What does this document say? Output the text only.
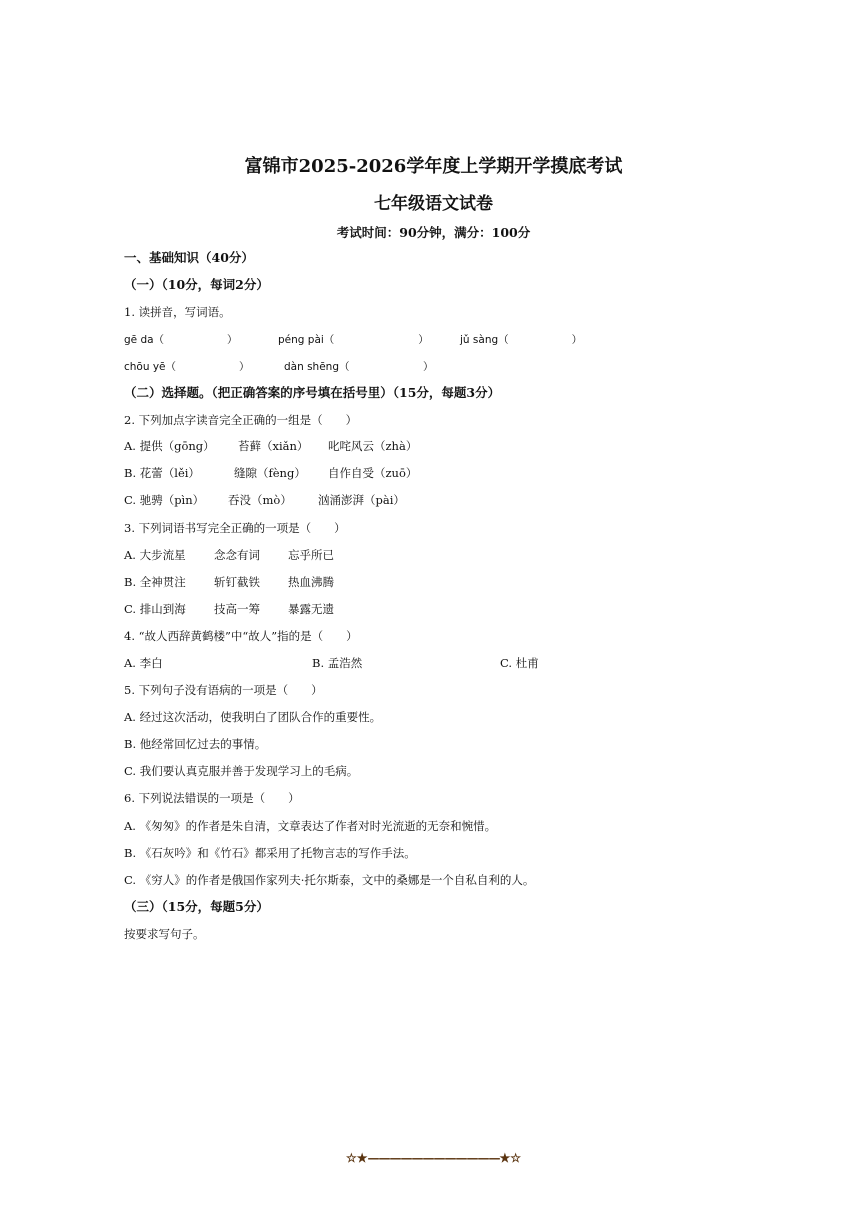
富锦市2025-2026学年度上学期开学摸底考试
七年级语文试卷
考试时间：90分钟，满分：100分
一、基础知识（40分）
（一）（10分，每词2分）
1. 读拼音，写词语。
gē da（　　　　　　）	péng pài（　　　　　　　　）	jǔ sàng（　　　　　　）
chōu yē（　　　　　　）	dàn shēng（　　　　　　　）
（二）选择题。（把正确答案的序号填在括号里）（15分，每题3分）
2. 下列加点字读音完全正确的一组是（　　）
A. 提供（gōng） 苔藓（xiǎn） 叱咤风云（zhà）
B. 花蕾（lěi）	缝隙（fèng） 自作自受（zuō）
C. 驰骋（pìn） 吞没（mò） 汹涌澎湃（pài）
3. 下列词语书写完全正确的一项是（　　）
A. 大步流星 念念有词 忘乎所已
B. 全神贯注 斩钉截铁 热血沸腾
C. 排山到海 技高一筹 暴露无遗
4. “故人西辞黄鹤楼”中“故人”指的是（　　）
A. 李白	B. 孟浩然	C. 杜甫
5. 下列句子没有语病的一项是（　　）
A. 经过这次活动，使我明白了团队合作的重要性。
B. 他经常回忆过去的事情。
C. 我们要认真克服并善于发现学习上的毛病。
6. 下列说法错误的一项是（　　）
A. 《匆匆》的作者是朱自清，文章表达了作者对时光流逝的无奈和惋惜。
B. 《石灰吟》和《竹石》都采用了托物言志的写作手法。
C. 《穷人》的作者是俄国作家列夫·托尔斯泰，文中的桑娜是一个自私自利的人。
（三）（15分，每题5分）
按要求写句子。
☆★————————————★☆
